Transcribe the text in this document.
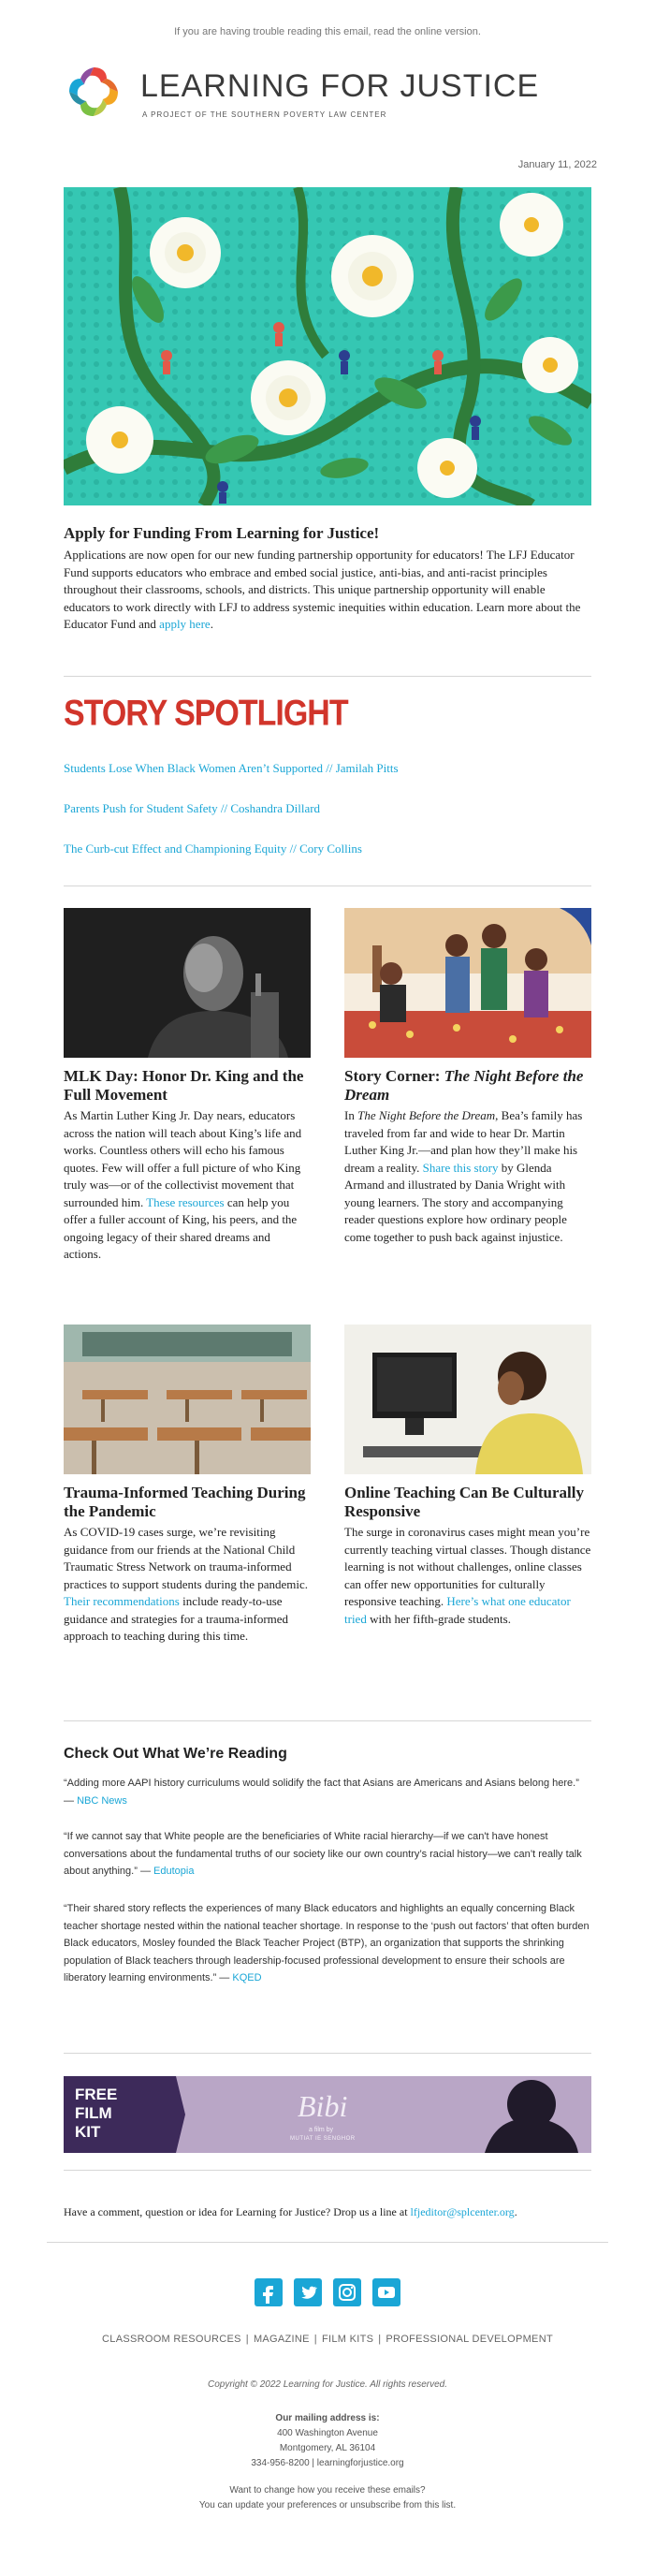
If you are having trouble reading this email, read the online version.
LEARNING FOR JUSTICE
A PROJECT OF THE SOUTHERN POVERTY LAW CENTER
January 11, 2022
Apply for Funding From Learning for Justice!
Applications are now open for our new funding partnership opportunity for educators! The LFJ Educator Fund supports educators who embrace and embed social justice, anti-bias, and anti-racist principles throughout their classrooms, schools, and districts. This unique partnership opportunity will enable educators to work directly with LFJ to address systemic inequities within education. Learn more about the Educator Fund and apply here.
STORY SPOTLIGHT
Students Lose When Black Women Aren’t Supported // Jamilah Pitts
Parents Push for Student Safety // Coshandra Dillard
The Curb-cut Effect and Championing Equity // Cory Collins
MLK Day: Honor Dr. King and the Full Movement
As Martin Luther King Jr. Day nears, educators across the nation will teach about King’s life and works. Countless others will echo his famous quotes. Few will offer a full picture of who King truly was—or of the collectivist movement that surrounded him. These resources can help you offer a fuller account of King, his peers, and the ongoing legacy of their shared dreams and actions.
Story Corner: The Night Before the Dream
In The Night Before the Dream, Bea’s family has traveled from far and wide to hear Dr. Martin Luther King Jr.—and plan how they’ll make his dream a reality. Share this story by Glenda Armand and illustrated by Dania Wright with young learners. The story and accompanying reader questions explore how ordinary people come together to push back against injustice.
Trauma-Informed Teaching During the Pandemic
As COVID-19 cases surge, we’re revisiting guidance from our friends at the National Child Traumatic Stress Network on trauma-informed practices to support students during the pandemic. Their recommendations include ready-to-use guidance and strategies for a trauma-informed approach to teaching during this time.
Online Teaching Can Be Culturally Responsive
The surge in coronavirus cases might mean you’re currently teaching virtual classes. Though distance learning is not without challenges, online classes can offer new opportunities for culturally responsive teaching. Here’s what one educator tried with her fifth-grade students.
Check Out What We’re Reading
“Adding more AAPI history curriculums would solidify the fact that Asians are Americans and Asians belong here.” — NBC News
“If we cannot say that White people are the beneficiaries of White racial hierarchy—if we can't have honest conversations about the fundamental truths of our society like our own country’s racial history—we can’t really talk about anything.” — Edutopia
“Their shared story reflects the experiences of many Black educators and highlights an equally concerning Black teacher shortage nested within the national teacher shortage. In response to the ‘push out factors’ that often burden Black educators, Mosley founded the Black Teacher Project (BTP), an organization that supports the shrinking population of Black teachers through leadership-focused professional development to ensure their schools are liberatory learning environments.” — KQED
FREE
FILM
KIT
Bibi
a film by
MUTIAT IE SENGHOR
Have a comment, question or idea for Learning for Justice? Drop us a line at lfjeditor@splcenter.org.

CLASSROOM RESOURCES | MAGAZINE | FILM KITS | PROFESSIONAL DEVELOPMENT
Copyright © 2022 Learning for Justice. All rights reserved.
Our mailing address is:
400 Washington Avenue
Montgomery, AL 36104
334-956-8200 | learningforjustice.org
Want to change how you receive these emails?
You can update your preferences or unsubscribe from this list.
